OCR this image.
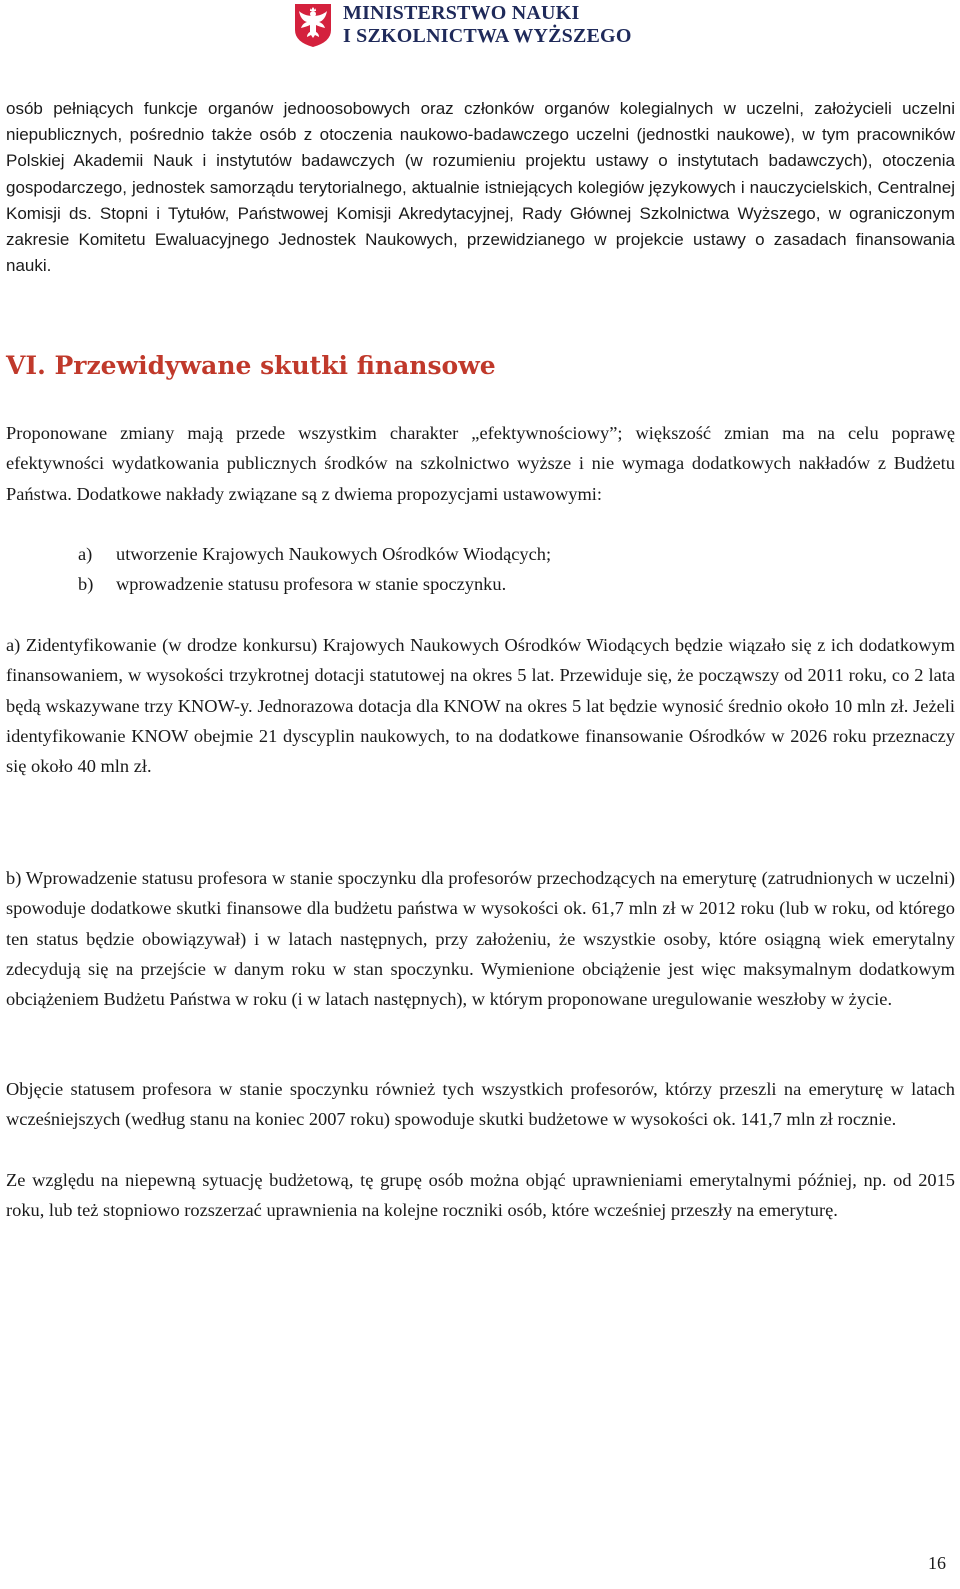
MINISTERSTWO NAUKI
I SZKOLNICTWA WYŻSZEGO

osób pełniących funkcje organów jednoosobowych oraz członków organów kolegialnych w uczelni, założycieli uczelni niepublicznych, pośrednio także osób z otoczenia naukowo-badawczego uczelni (jednostki naukowe), w tym pracowników Polskiej Akademii Nauk i instytutów badawczych (w rozumieniu projektu ustawy o instytutach badawczych), otoczenia gospodarczego, jednostek samorządu terytorialnego, aktualnie istniejących kolegiów językowych i nauczycielskich, Centralnej Komisji ds. Stopni i Tytułów, Państwowej Komisji Akredytacyjnej, Rady Głównej Szkolnictwa Wyższego, w ograniczonym zakresie Komitetu Ewaluacyjnego Jednostek Naukowych, przewidzianego w projekcie ustawy o zasadach finansowania nauki.

VI. Przewidywane skutki finansowe

Proponowane zmiany mają przede wszystkim charakter „efektywnościowy”; większość zmian ma na celu poprawę efektywności wydatkowania publicznych środków na szkolnictwo wyższe i nie wymaga dodatkowych nakładów z Budżetu Państwa. Dodatkowe nakłady związane są z dwiema propozycjami ustawowymi:

a)	utworzenie Krajowych Naukowych Ośrodków Wiodących;
b)	wprowadzenie statusu profesora w stanie spoczynku.

a) Zidentyfikowanie (w drodze konkursu) Krajowych Naukowych Ośrodków Wiodących będzie wiązało się z ich dodatkowym finansowaniem, w wysokości trzykrotnej dotacji statutowej na okres 5 lat. Przewiduje się, że począwszy od 2011 roku, co 2 lata będą wskazywane trzy KNOW-y. Jednorazowa dotacja dla KNOW na okres 5 lat będzie wynosić średnio około 10 mln zł. Jeżeli identyfikowanie KNOW obejmie 21 dyscyplin naukowych, to na dodatkowe finansowanie Ośrodków w 2026 roku przeznaczy się około 40 mln zł.

b) Wprowadzenie statusu profesora w stanie spoczynku dla profesorów przechodzących na emeryturę (zatrudnionych w uczelni) spowoduje dodatkowe skutki finansowe dla budżetu państwa w wysokości ok. 61,7 mln zł w 2012 roku (lub w roku, od którego ten status będzie obowiązywał) i w latach następnych, przy założeniu, że wszystkie osoby, które osiągną wiek emerytalny zdecydują się na przejście w danym roku w stan spoczynku. Wymienione obciążenie jest więc maksymalnym dodatkowym obciążeniem Budżetu Państwa w roku (i w latach następnych), w którym proponowane uregulowanie weszłoby w życie.

Objęcie statusem profesora w stanie spoczynku również tych wszystkich profesorów, którzy przeszli na emeryturę w latach wcześniejszych (według stanu na koniec 2007 roku) spowoduje skutki budżetowe w wysokości ok. 141,7 mln zł rocznie.

Ze względu na niepewną sytuację budżetową, tę grupę osób można objąć uprawnieniami emerytalnymi później, np. od 2015 roku, lub też stopniowo rozszerzać uprawnienia na kolejne roczniki osób, które wcześniej przeszły na emeryturę.

16
